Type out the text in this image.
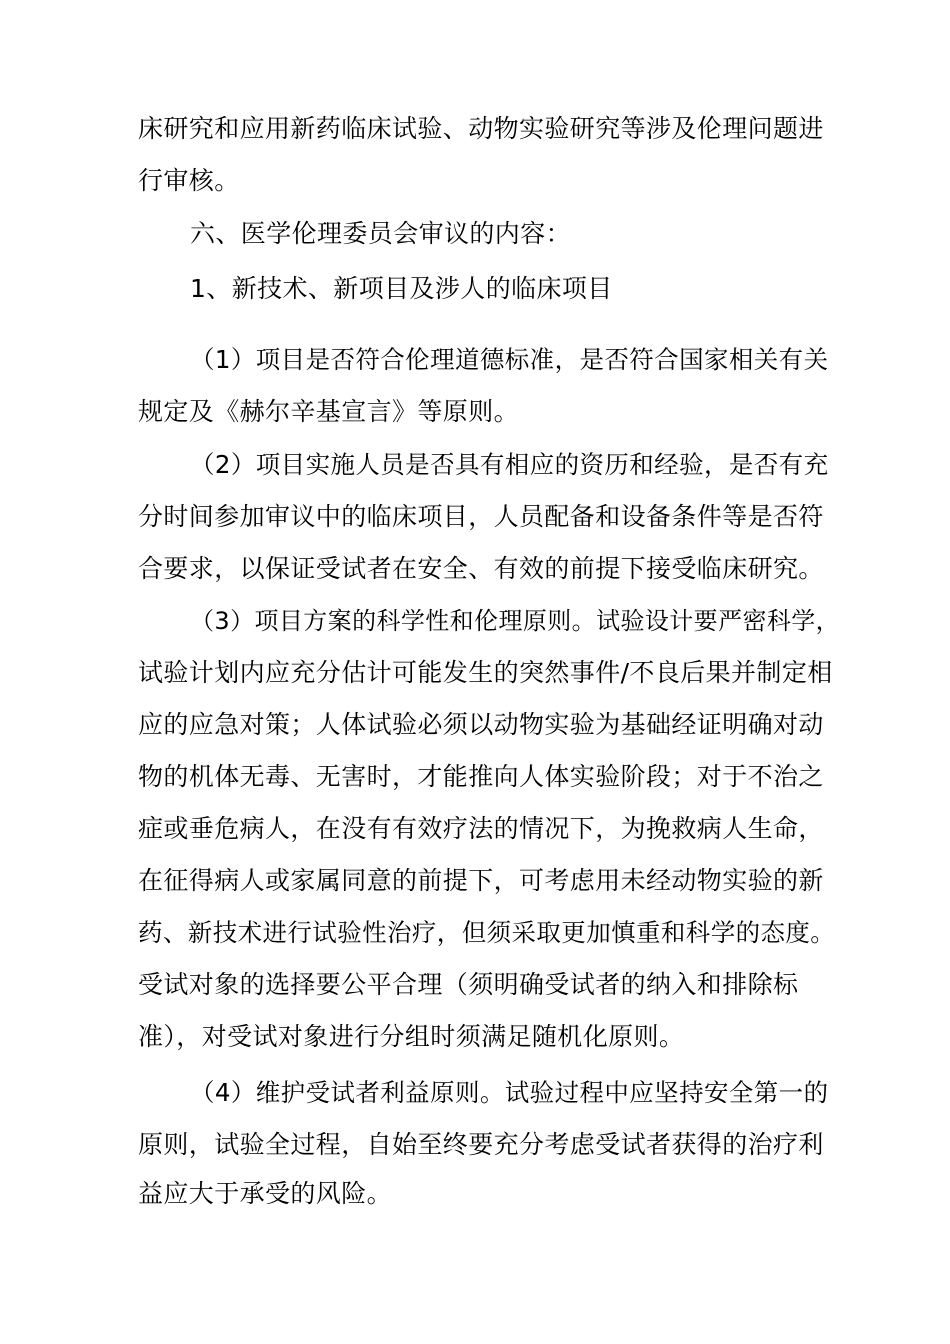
床研究和应用新药临床试验、动物实验研究等涉及伦理问题进
行审核。
六、医学伦理委员会审议的内容：
1、新技术、新项目及涉人的临床项目
（1）项目是否符合伦理道德标准，是否符合国家相关有关
规定及《赫尔辛基宣言》等原则。
（2）项目实施人员是否具有相应的资历和经验，是否有充
分时间参加审议中的临床项目，人员配备和设备条件等是否符
合要求，以保证受试者在安全、有效的前提下接受临床研究。
（3）项目方案的科学性和伦理原则。试验设计要严密科学，
试验计划内应充分估计可能发生的突然事件/不良后果并制定相
应的应急对策；人体试验必须以动物实验为基础经证明确对动
物的机体无毒、无害时，才能推向人体实验阶段；对于不治之
症或垂危病人，在没有有效疗法的情况下，为挽救病人生命，
在征得病人或家属同意的前提下，可考虑用未经动物实验的新
药、新技术进行试验性治疗，但须采取更加慎重和科学的态度。
受试对象的选择要公平合理（须明确受试者的纳入和排除标
准），对受试对象进行分组时须满足随机化原则。
（4）维护受试者利益原则。试验过程中应坚持安全第一的
原则，试验全过程，自始至终要充分考虑受试者获得的治疗利
益应大于承受的风险。
